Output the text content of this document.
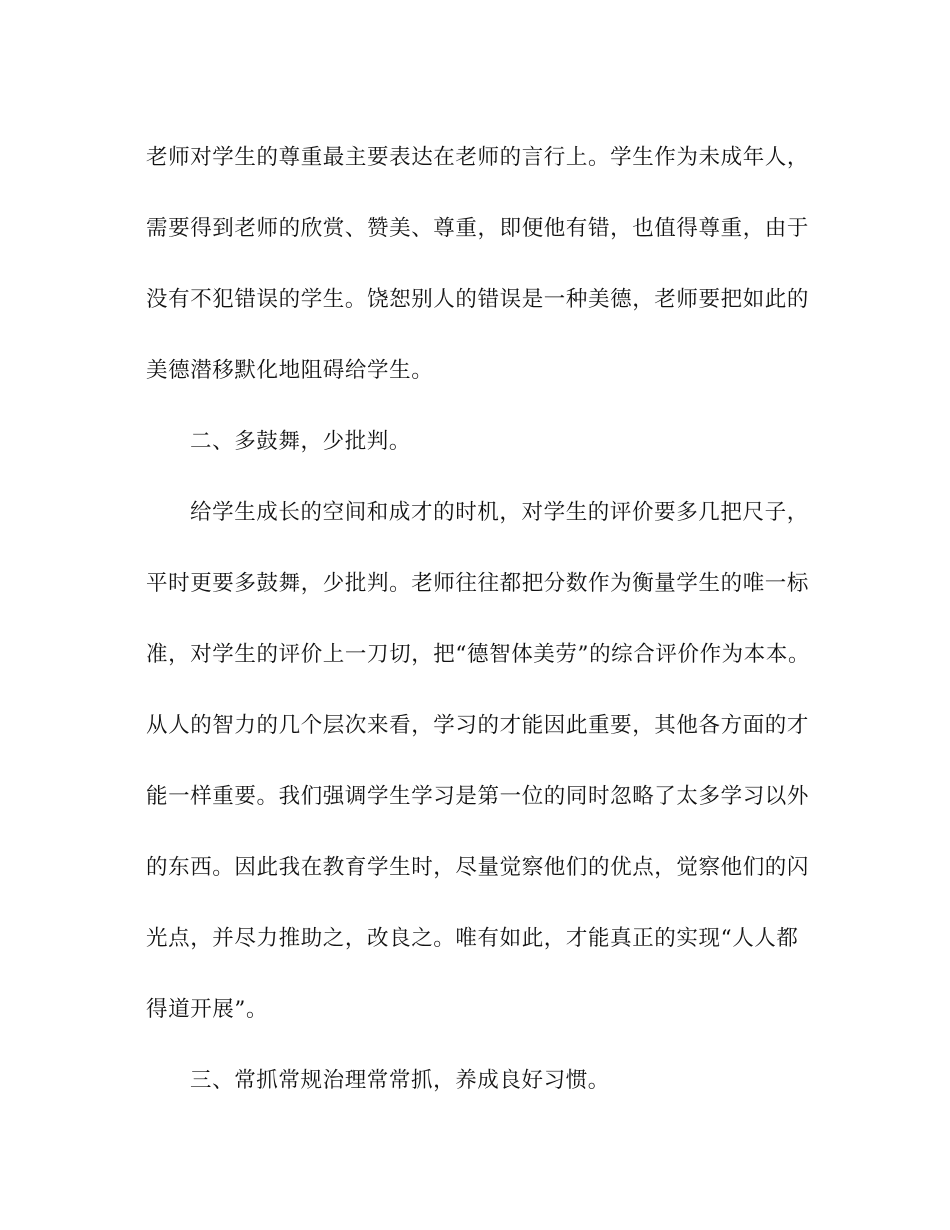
老师对学生的尊重最主要表达在老师的言行上。学生作为未成年人，

需要得到老师的欣赏、赞美、尊重，即便他有错，也值得尊重，由于

没有不犯错误的学生。饶恕别人的错误是一种美德，老师要把如此的

美德潜移默化地阻碍给学生。

二、多鼓舞，少批判。

给学生成长的空间和成才的时机，对学生的评价要多几把尺子，

平时更要多鼓舞，少批判。老师往往都把分数作为衡量学生的唯一标

准，对学生的评价上一刀切，把“德智体美劳”的综合评价作为本本。

从人的智力的几个层次来看，学习的才能因此重要，其他各方面的才

能一样重要。我们强调学生学习是第一位的同时忽略了太多学习以外

的东西。因此我在教育学生时，尽量觉察他们的优点，觉察他们的闪

光点，并尽力推助之，改良之。唯有如此，才能真正的实现“人人都

得道开展”。

三、常抓常规治理常常抓，养成良好习惯。
